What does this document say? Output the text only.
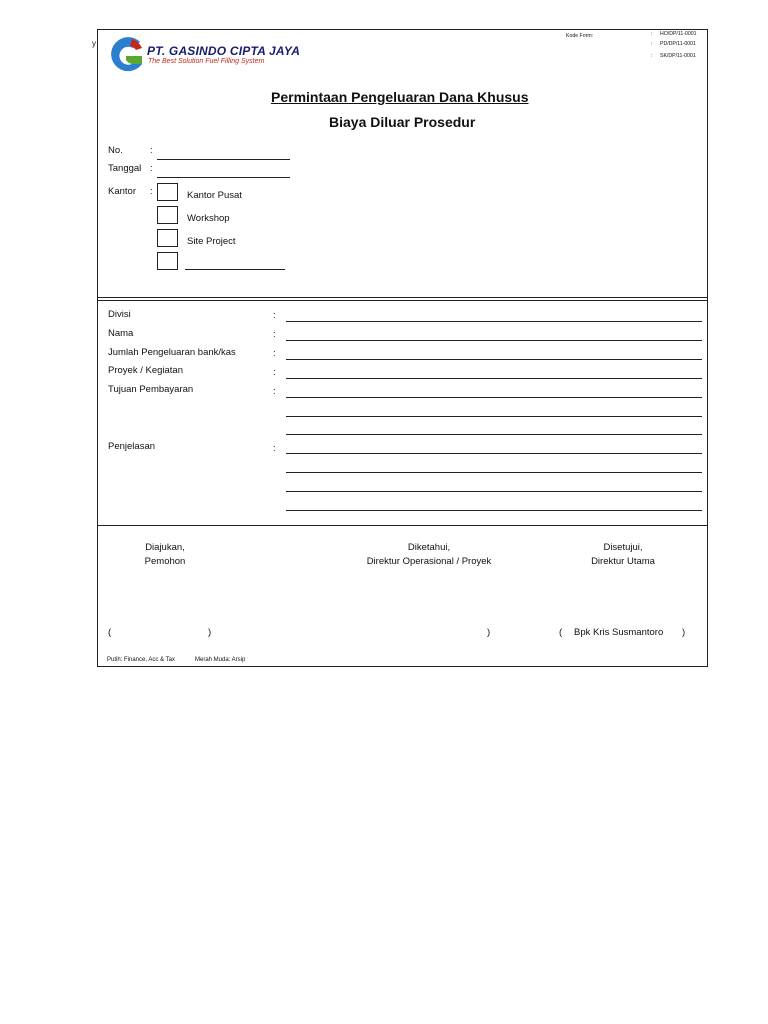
y
PT. GASINDO CIPTA JAYA
The Best Solution Fuel Filling System
Kode Form:	: HO/DP/11-0001
: PD/DP/11-0001
: SK/DP/11-0001
Permintaan Pengeluaran Dana Khusus
Biaya Diluar Prosedur
No.	:
Tanggal :
Kantor :	Kantor Pusat
Workshop
Site Project
Divisi	:
Nama	:
Jumlah Pengeluaran bank/kas	:
Proyek / Kegiatan	:
Tujuan Pembayaran	:
Penjelasan	:
Diajukan,
Pemohon
Diketahui,
Direktur Operasional / Proyek
Disetujui,
Direktur Utama
(	)	)	( Bpk Kris Susmantoro )
Putih: Finance, Acc & Tax	Merah Muda: Arsip
